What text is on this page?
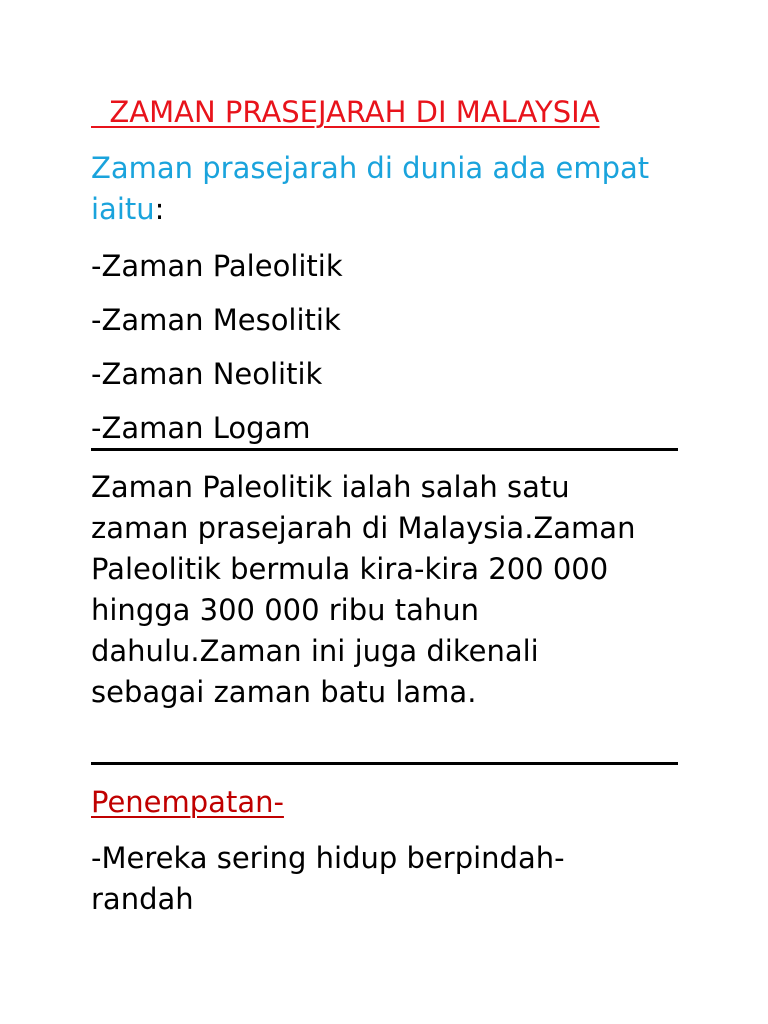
ZAMAN PRASEJARAH DI MALAYSIA
Zaman prasejarah di dunia ada empat iaitu:
-Zaman Paleolitik
-Zaman Mesolitik
-Zaman Neolitik
-Zaman Logam
Zaman Paleolitik ialah salah satu
zaman prasejarah di Malaysia.Zaman
Paleolitik bermula kira-kira 200 000
hingga 300 000 ribu tahun
dahulu.Zaman ini juga dikenali
sebagai zaman batu lama.
Penempatan-
-Mereka sering hidup berpindah-
randah
